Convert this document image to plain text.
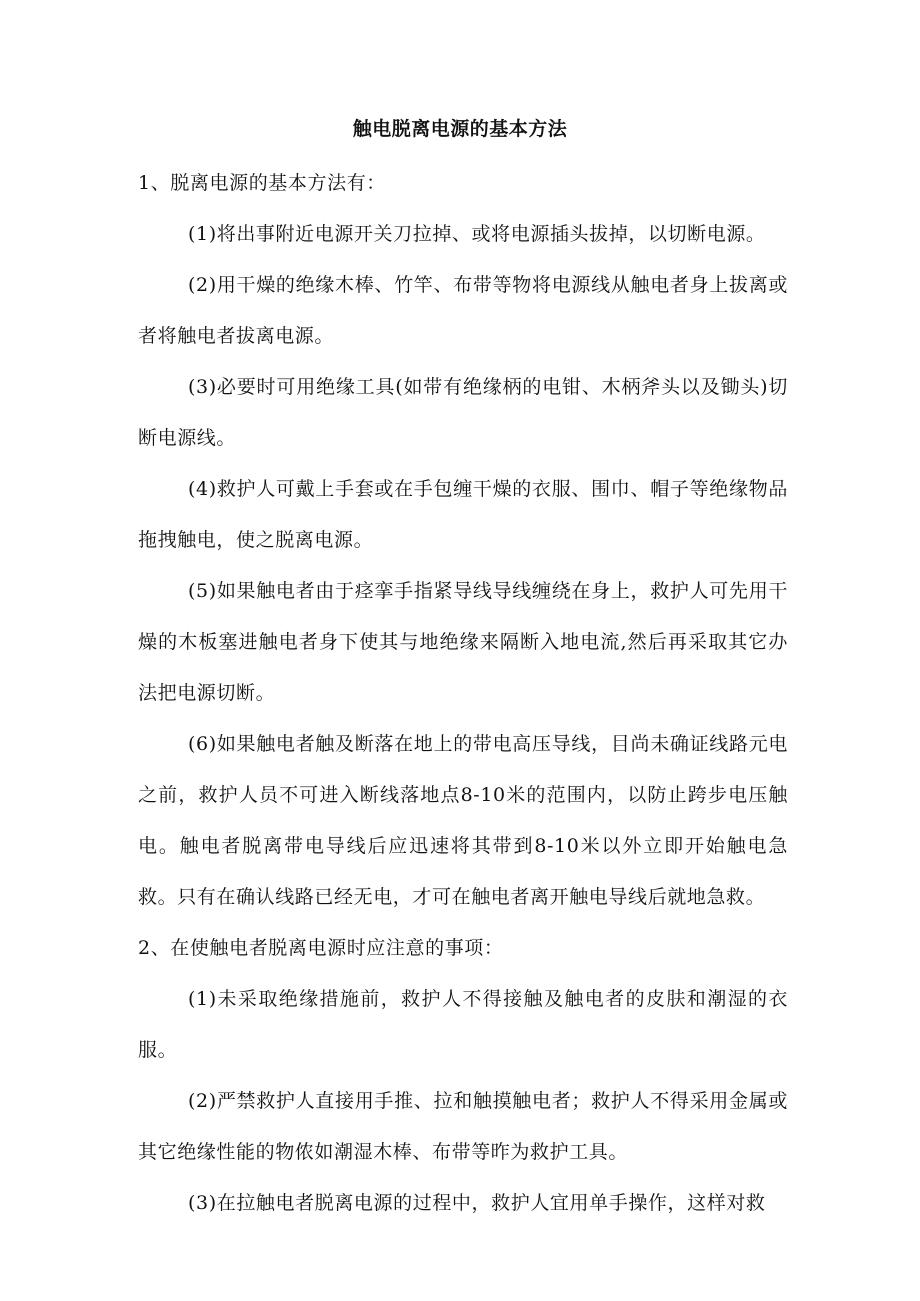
触电脱离电源的基本方法

1、脱离电源的基本方法有：

(1)将出事附近电源开关刀拉掉、或将电源插头拔掉，以切断电源。

(2)用干燥的绝缘木棒、竹竿、布带等物将电源线从触电者身上拔离或者将触电者拔离电源。

(3)必要时可用绝缘工具(如带有绝缘柄的电钳、木柄斧头以及锄头)切断电源线。

(4)救护人可戴上手套或在手包缠干燥的衣服、围巾、帽子等绝缘物品拖拽触电，使之脱离电源。

(5)如果触电者由于痉挛手指紧导线导线缠绕在身上，救护人可先用干燥的木板塞进触电者身下使其与地绝缘来隔断入地电流,然后再采取其它办法把电源切断。

(6)如果触电者触及断落在地上的带电高压导线，目尚未确证线路元电之前，救护人员不可进入断线落地点8-10米的范围内，以防止跨步电压触电。触电者脱离带电导线后应迅速将其带到8-10米以外立即开始触电急救。只有在确认线路已经无电，才可在触电者离开触电导线后就地急救。

2、在使触电者脱离电源时应注意的事项：

(1)未采取绝缘措施前，救护人不得接触及触电者的皮肤和潮湿的衣服。

(2)严禁救护人直接用手推、拉和触摸触电者；救护人不得采用金属或其它绝缘性能的物侬如潮湿木棒、布带等昨为救护工具。

(3)在拉触电者脱离电源的过程中，救护人宜用单手操作，这样对救
